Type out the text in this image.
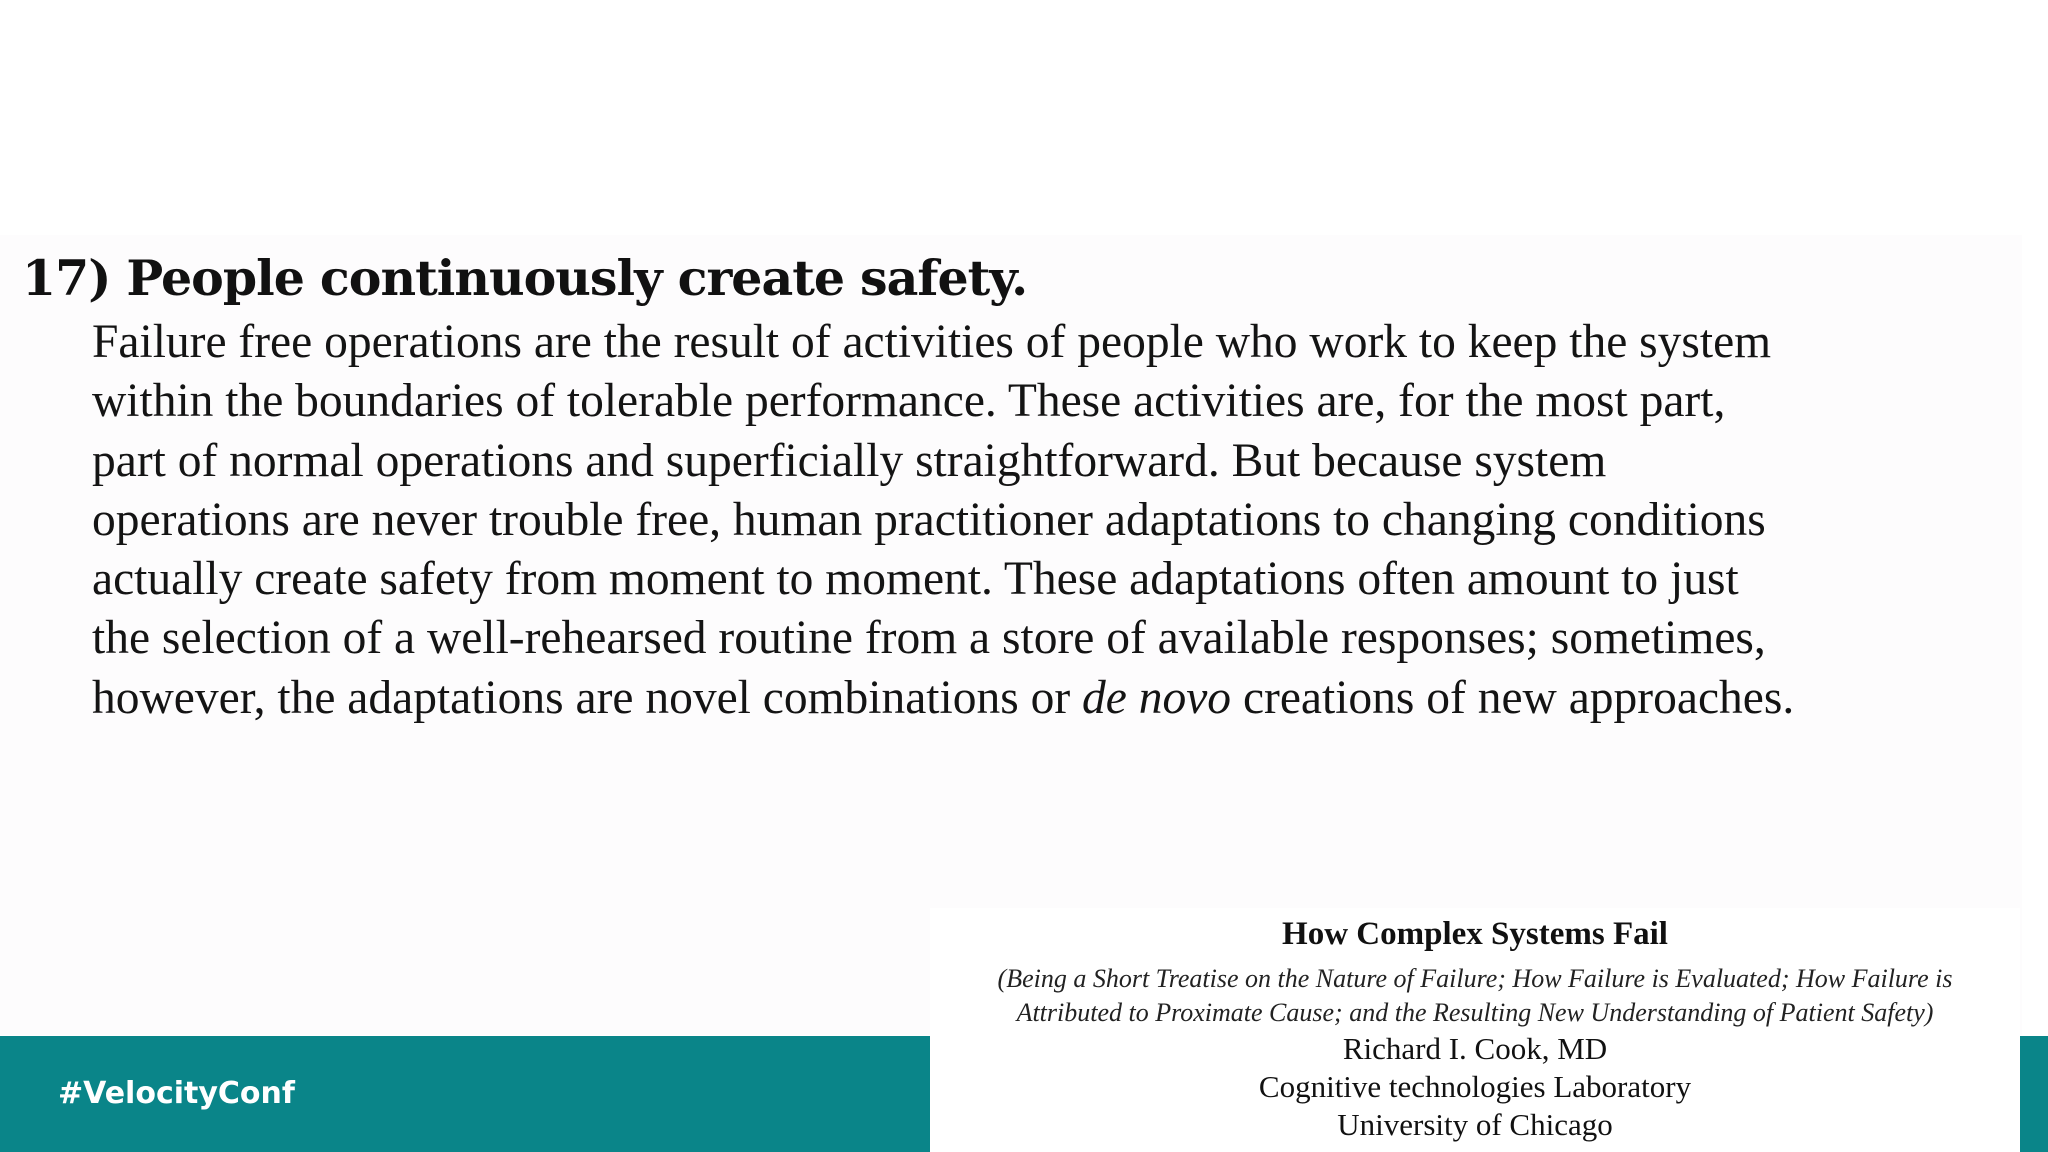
17) People continuously create safety.
Failure free operations are the result of activities of people who work to keep the system
within the boundaries of tolerable performance. These activities are, for the most part,
part of normal operations and superficially straightforward. But because system
operations are never trouble free, human practitioner adaptations to changing conditions
actually create safety from moment to moment. These adaptations often amount to just
the selection of a well-rehearsed routine from a store of available responses; sometimes,
however, the adaptations are novel combinations or de novo creations of new approaches.
#VelocityConf
How Complex Systems Fail
(Being a Short Treatise on the Nature of Failure; How Failure is Evaluated; How Failure is
Attributed to Proximate Cause; and the Resulting New Understanding of Patient Safety)
Richard I. Cook, MD
Cognitive technologies Laboratory
University of Chicago
